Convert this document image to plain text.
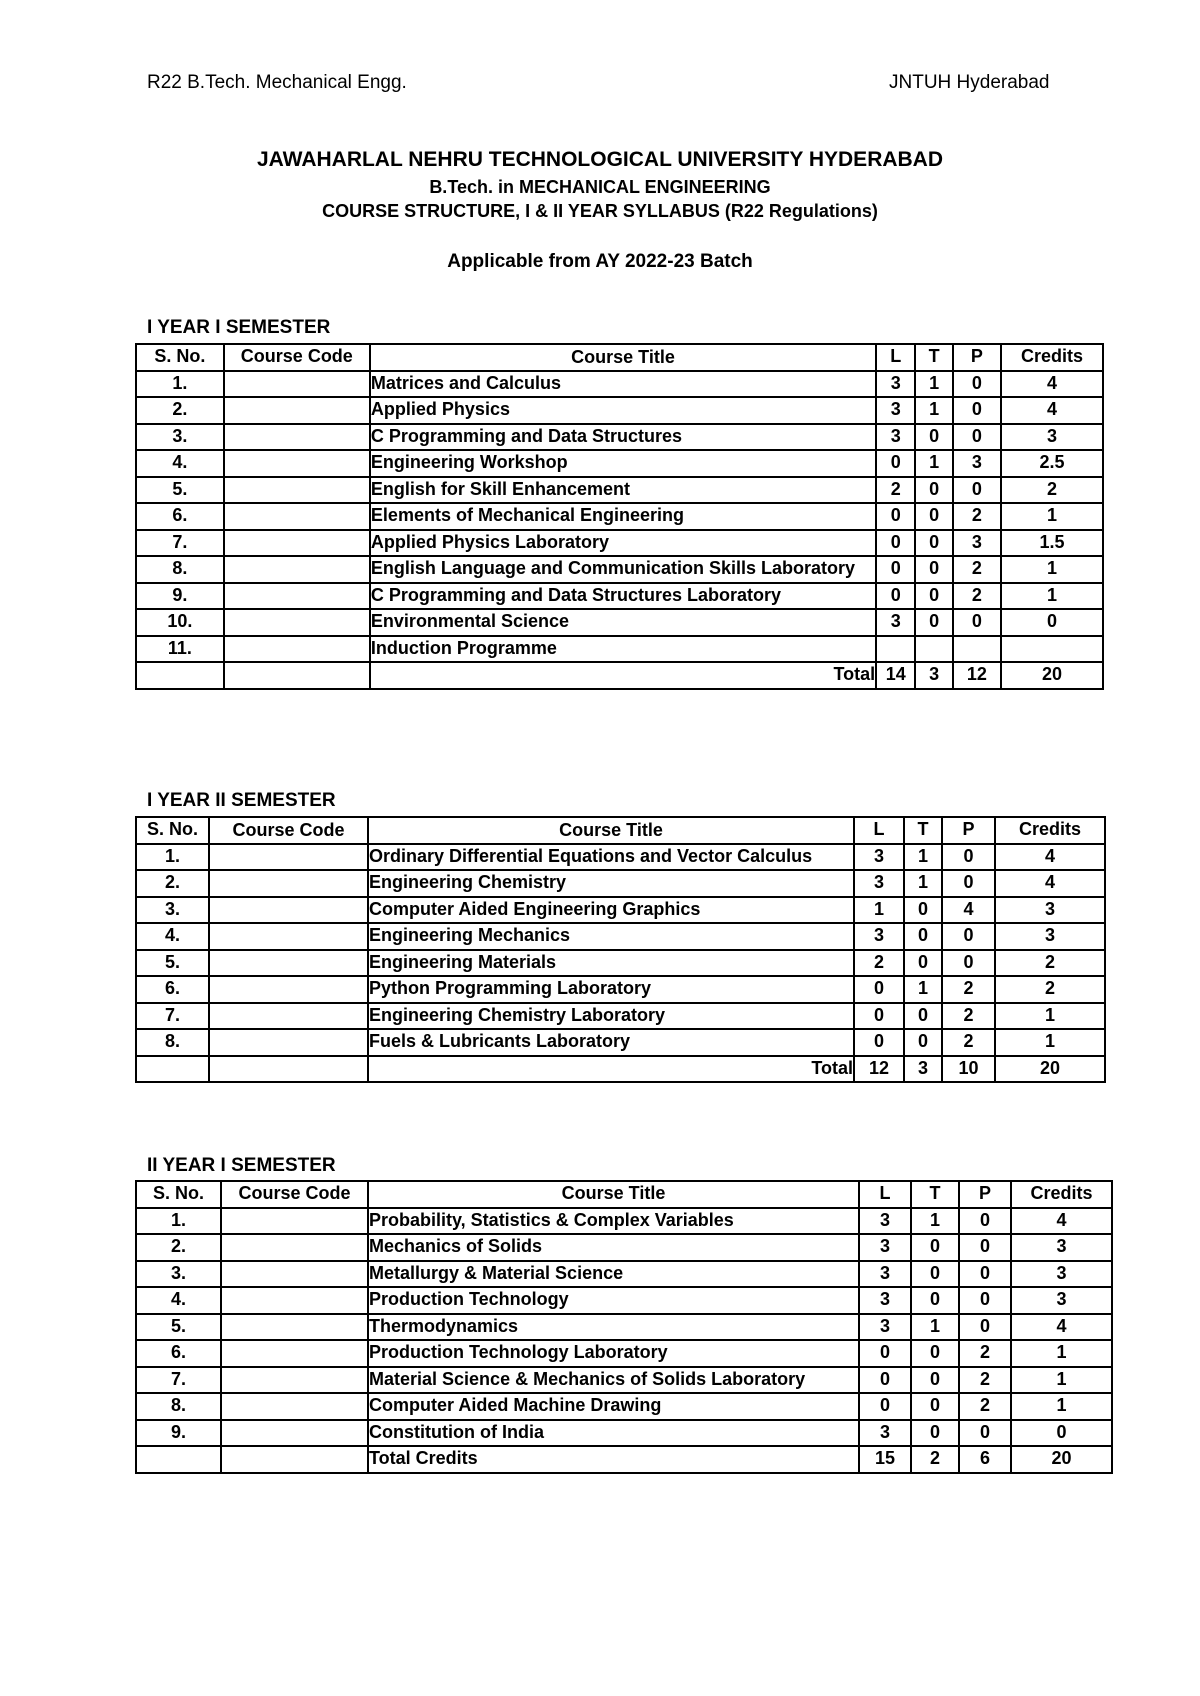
R22 B.Tech. Mechanical Engg.	JNTUH Hyderabad
JAWAHARLAL NEHRU TECHNOLOGICAL UNIVERSITY HYDERABAD
B.Tech. in MECHANICAL ENGINEERING
COURSE STRUCTURE, I & II YEAR SYLLABUS (R22 Regulations)
Applicable from AY 2022-23 Batch
I YEAR I SEMESTER
S. No.	Course Code	Course Title	L	T	P	Credits
1.		Matrices and Calculus	3	1	0	4
2.		Applied Physics	3	1	0	4
3.		C Programming and Data Structures	3	0	0	3
4.		Engineering Workshop	0	1	3	2.5
5.		English for Skill Enhancement	2	0	0	2
6.		Elements of Mechanical Engineering	0	0	2	1
7.		Applied Physics Laboratory	0	0	3	1.5
8.		English Language and Communication Skills Laboratory	0	0	2	1
9.		C Programming and Data Structures Laboratory	0	0	2	1
10.		Environmental Science	3	0	0	0
11.		Induction Programme				
		Total	14	3	12	20
I YEAR II SEMESTER
S. No.	Course Code	Course Title	L	T	P	Credits
1.		Ordinary Differential Equations and Vector Calculus	3	1	0	4
2.		Engineering Chemistry	3	1	0	4
3.		Computer Aided Engineering Graphics	1	0	4	3
4.		Engineering Mechanics	3	0	0	3
5.		Engineering Materials	2	0	0	2
6.		Python Programming Laboratory	0	1	2	2
7.		Engineering Chemistry Laboratory	0	0	2	1
8.		Fuels & Lubricants Laboratory	0	0	2	1
		Total	12	3	10	20
II YEAR I SEMESTER
S. No.	Course Code	Course Title	L	T	P	Credits
1.		Probability, Statistics & Complex Variables	3	1	0	4
2.		Mechanics of Solids	3	0	0	3
3.		Metallurgy & Material Science	3	0	0	3
4.		Production Technology	3	0	0	3
5.		Thermodynamics	3	1	0	4
6.		Production Technology Laboratory	0	0	2	1
7.		Material Science & Mechanics of Solids Laboratory	0	0	2	1
8.		Computer Aided Machine Drawing	0	0	2	1
9.		Constitution of India	3	0	0	0
		Total Credits	15	2	6	20
